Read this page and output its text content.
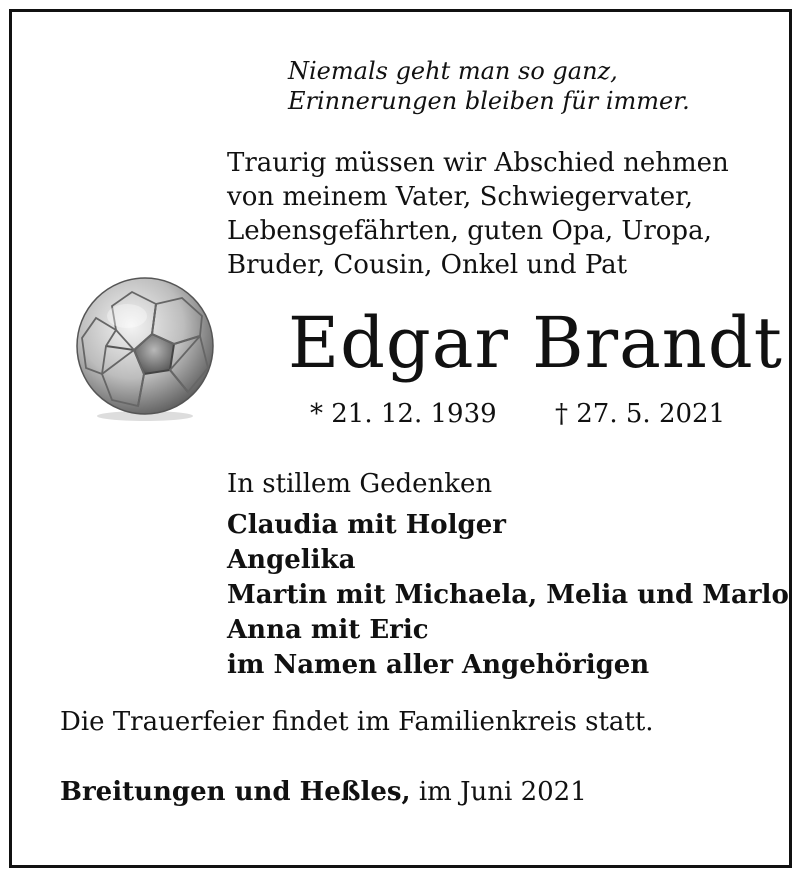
Niemals geht man so ganz,
Erinnerungen bleiben für immer.
Traurig müssen wir Abschied nehmen
von meinem Vater, Schwiegervater,
Lebensgefährten, guten Opa, Uropa,
Bruder, Cousin, Onkel und Pat
Edgar Brandt
* 21. 12. 1939 † 27. 5. 2021
In stillem Gedenken
Claudia mit Holger
Angelika
Martin mit Michaela, Melia und Marlo
Anna mit Eric
im Namen aller Angehörigen
Die Trauerfeier findet im Familienkreis statt.
Breitungen und Heßles, im Juni 2021
